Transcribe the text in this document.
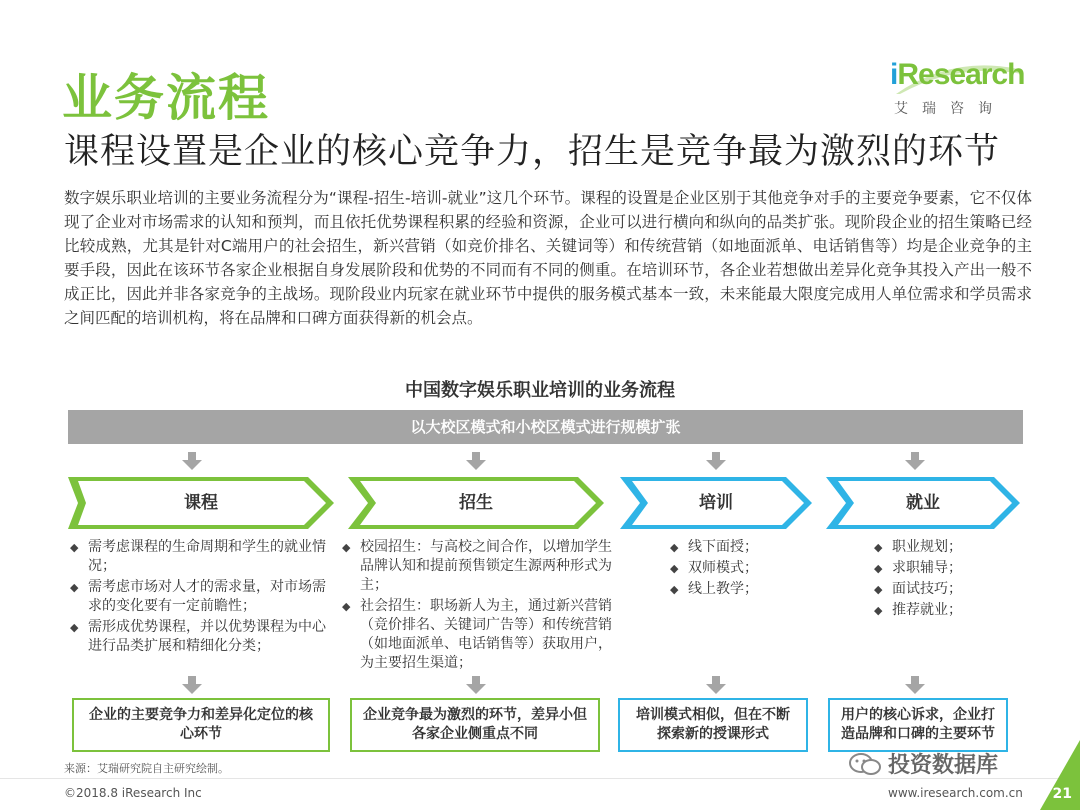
业务流程	iResearch
艾瑞咨询
课程设置是企业的核心竞争力，招生是竞争最为激烈的环节

数字娱乐职业培训的主要业务流程分为“课程-招生-培训-就业”这几个环节。课程的设置是企业区别于其他竞争对手的主要竞争要素，它不仅体现了企业对市场需求的认知和预判，而且依托优势课程积累的经验和资源，企业可以进行横向和纵向的品类扩张。现阶段企业的招生策略已经比较成熟，尤其是针对C端用户的社会招生，新兴营销（如竞价排名、关键词等）和传统营销（如地面派单、电话销售等）均是企业竞争的主要手段，因此在该环节各家企业根据自身发展阶段和优势的不同而有不同的侧重。在培训环节，各企业若想做出差异化竞争其投入产出一般不成正比，因此并非各家竞争的主战场。现阶段业内玩家在就业环节中提供的服务模式基本一致，未来能最大限度完成用人单位需求和学员需求之间匹配的培训机构，将在品牌和口碑方面获得新的机会点。

中国数字娱乐职业培训的业务流程
以大校区模式和小校区模式进行规模扩张
课程	招生	培训	就业
◆ 需考虑课程的生命周期和学生的就业情况；
◆ 需考虑市场对人才的需求量，对市场需求的变化要有一定前瞻性；
◆ 需形成优势课程，并以优势课程为中心进行品类扩展和精细化分类；
◆ 校园招生：与高校之间合作，以增加学生品牌认知和提前预售锁定生源两种形式为主；
◆ 社会招生：职场新人为主，通过新兴营销（竞价排名、关键词广告等）和传统营销（如地面派单、电话销售等）获取用户，为主要招生渠道；
◆ 线下面授；
◆ 双师模式；
◆ 线上教学；
◆ 职业规划；
◆ 求职辅导；
◆ 面试技巧；
◆ 推荐就业；
企业的主要竞争力和差异化定位的核心环节
企业竞争最为激烈的环节，差异小但各家企业侧重点不同
培训模式相似，但在不断探索新的授课形式
用户的核心诉求，企业打造品牌和口碑的主要环节
来源：艾瑞研究院自主研究绘制。	投资数据库
©2018.8 iResearch Inc	www.iresearch.com.cn 21
